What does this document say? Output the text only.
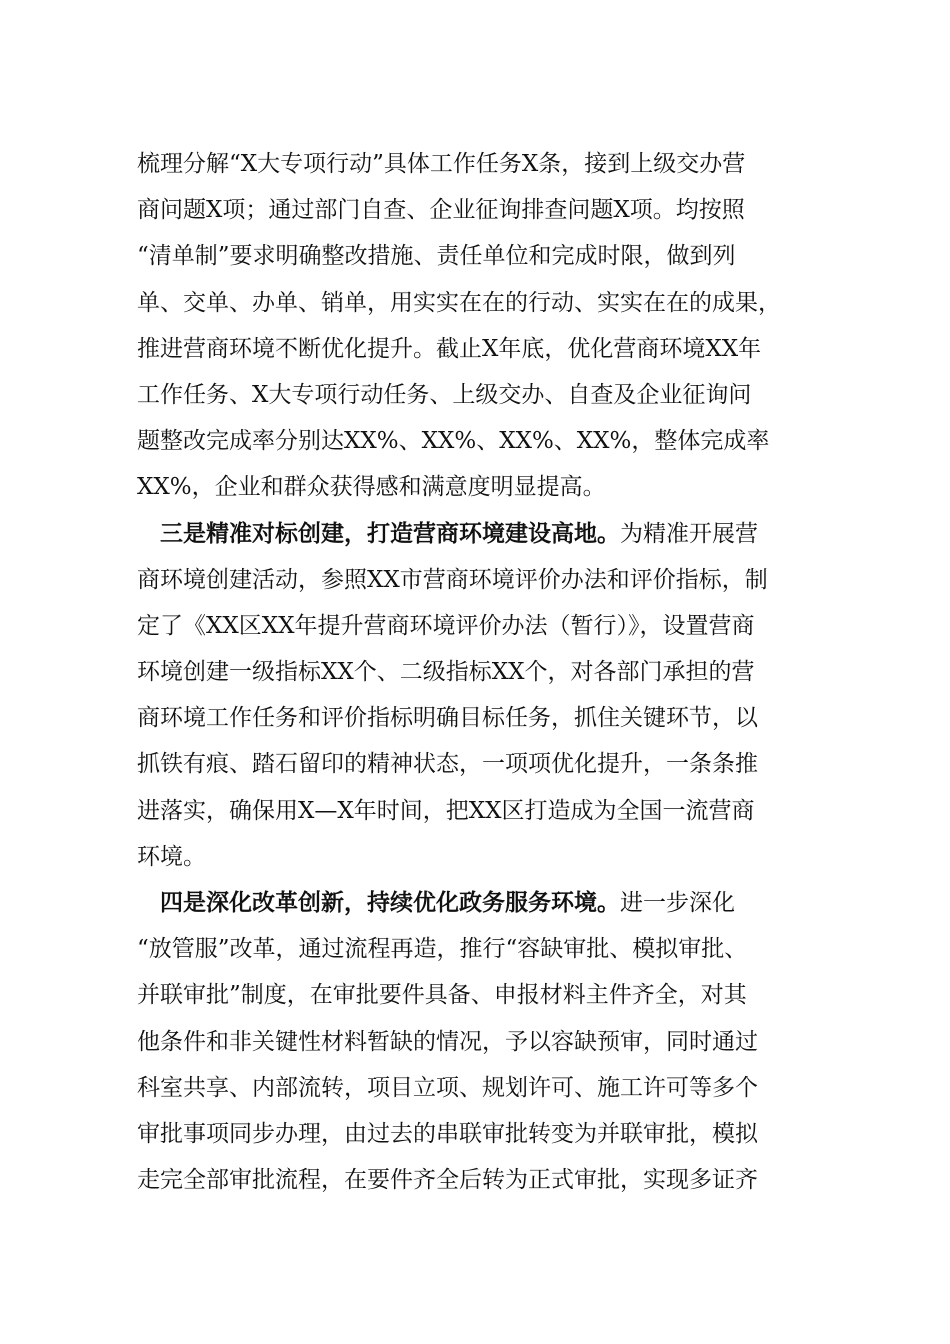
梳理分解“X大专项行动”具体工作任务X条，接到上级交办营
商问题X项；通过部门自查、企业征询排查问题X项。均按照
“清单制”要求明确整改措施、责任单位和完成时限，做到列
单、交单、办单、销单，用实实在在的行动、实实在在的成果，
推进营商环境不断优化提升。截止X年底，优化营商环境XX年
工作任务、X大专项行动任务、上级交办、自查及企业征询问
题整改完成率分别达XX%、XX%、XX%、XX%，整体完成率
XX%，企业和群众获得感和满意度明显提高。
三是精准对标创建，打造营商环境建设高地。为精准开展营
商环境创建活动，参照XX市营商环境评价办法和评价指标，制
定了《XX区XX年提升营商环境评价办法（暂行）》，设置营商
环境创建一级指标XX个、二级指标XX个，对各部门承担的营
商环境工作任务和评价指标明确目标任务，抓住关键环节，以
抓铁有痕、踏石留印的精神状态，一项项优化提升，一条条推
进落实，确保用X—X年时间，把XX区打造成为全国一流营商
环境。
四是深化改革创新，持续优化政务服务环境。进一步深化
“放管服”改革，通过流程再造，推行“容缺审批、模拟审批、
并联审批”制度，在审批要件具备、申报材料主件齐全，对其
他条件和非关键性材料暂缺的情况，予以容缺预审，同时通过
科室共享、内部流转，项目立项、规划许可、施工许可等多个
审批事项同步办理，由过去的串联审批转变为并联审批，模拟
走完全部审批流程，在要件齐全后转为正式审批，实现多证齐
